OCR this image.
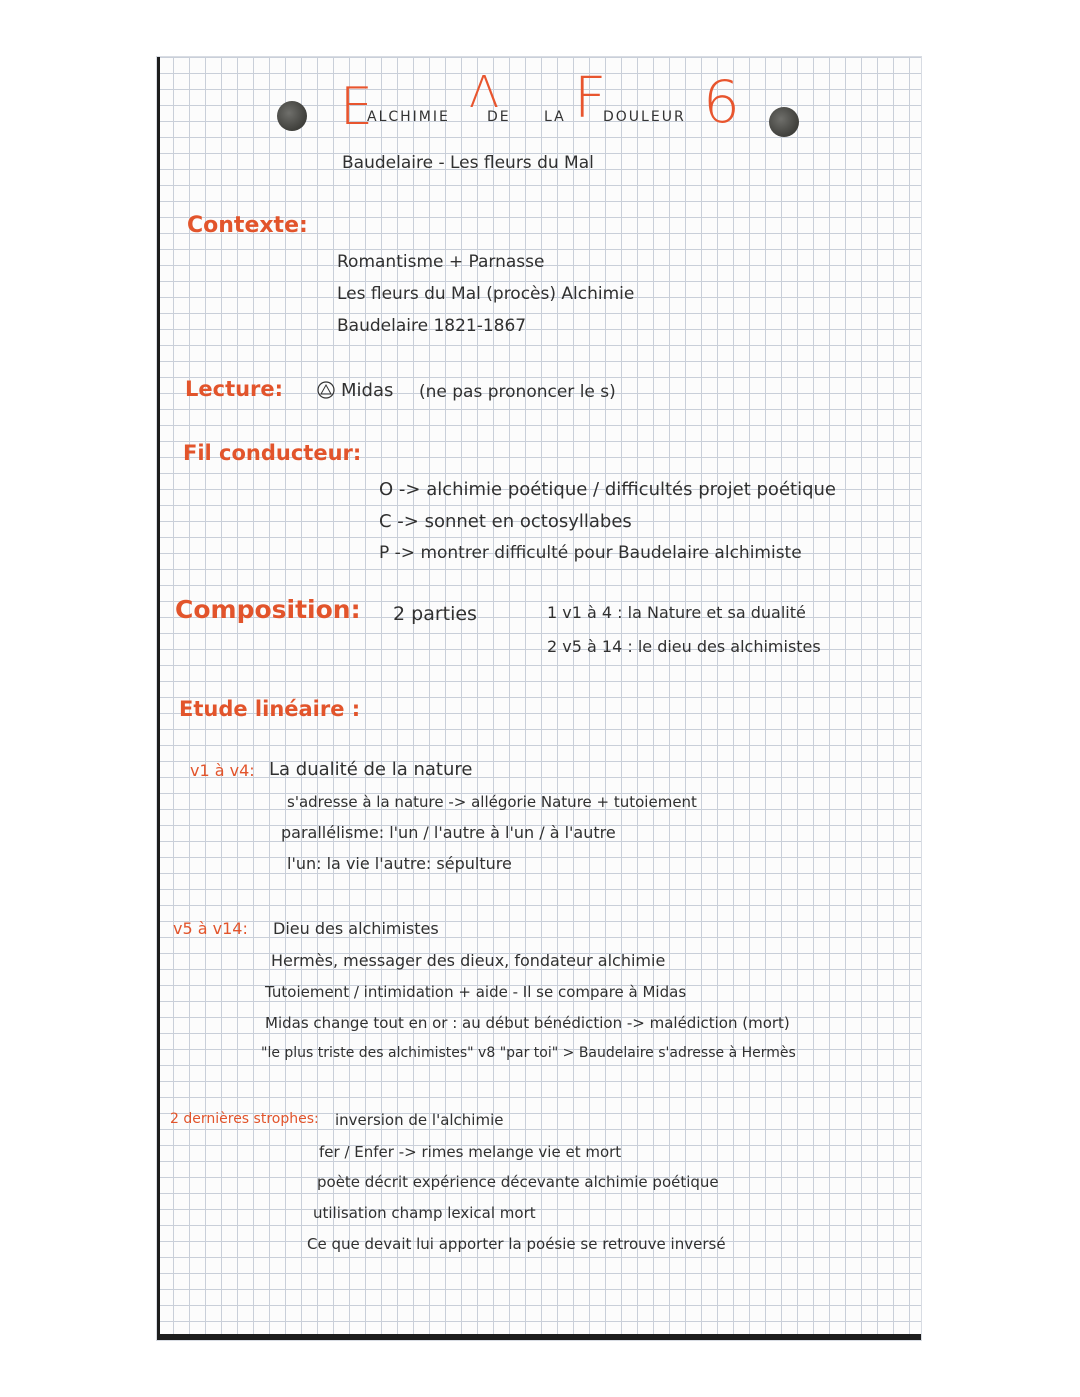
E
ALCHIMIE	DE
Λ	LA F
DOULEUR 6
Baudelaire - Les fleurs du Mal
Contexte:
Romantisme + Parnasse
Les fleurs du Mal (procès) Alchimie
Baudelaire 1821-1867
Lecture:	Midas (ne pas prononcer le s)
Fil conducteur:
O -> alchimie poétique / difficultés projet poétique
C -> sonnet en octosyllabes
P -> montrer difficulté pour Baudelaire alchimiste
Composition: 2 parties	1 v1 à 4 : la Nature et sa dualité
2 v5 à 14 : le dieu des alchimistes
Etude linéaire :
v1 à v4: La dualité de la nature
s'adresse à la nature -> allégorie Nature + tutoiement
parallélisme: l'un / l'autre à l'un / à l'autre
l'un: la vie l'autre: sépulture
v5 à v14: Dieu des alchimistes
Hermès, messager des dieux, fondateur alchimie
Tutoiement / intimidation + aide - Il se compare à Midas
Midas change tout en or : au début bénédiction -> malédiction (mort)
"le plus triste des alchimistes" v8 "par toi" > Baudelaire s'adresse à Hermès
2 dernières strophes: inversion de l'alchimie
fer / Enfer -> rimes melange vie et mort
poète décrit expérience décevante alchimie poétique
utilisation champ lexical mort
Ce que devait lui apporter la poésie se retrouve inversé
